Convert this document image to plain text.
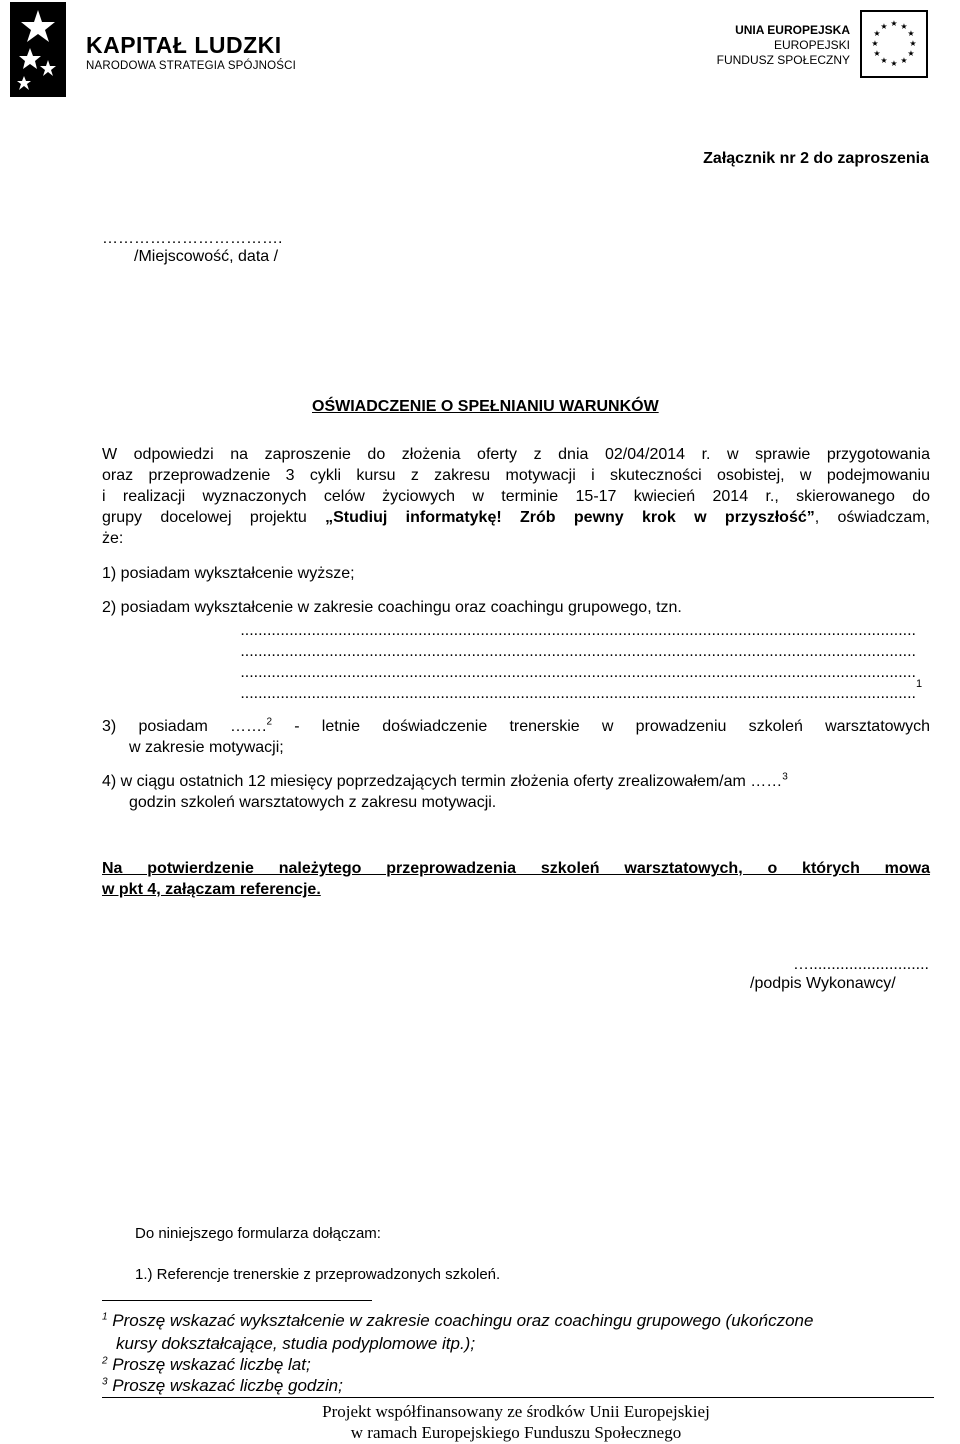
KAPITAŁ LUDZKI
NARODOWA STRATEGIA SPÓJNOŚCI
UNIA EUROPEJSKA
EUROPEJSKI
FUNDUSZ SPOŁECZNY
★ ★
★
★
★
★
★
★
★
★
★
★
Załącznik nr 2 do zaproszenia
…………………………….
/Miejscowość, data /
OŚWIADCZENIE O SPEŁNIANIU WARUNKÓW
W odpowiedzi na zaproszenie do złożenia oferty z dnia 02/04/2014 r. w sprawie przygotowania
oraz przeprowadzenie 3 cykli kursu z zakresu motywacji i skuteczności osobistej, w podejmowaniu
i realizacji wyznaczonych celów życiowych w terminie 15-17 kwiecień 2014 r., skierowanego do
grupy docelowej projektu „Studiuj informatykę! Zrób pewny krok w przyszłość”, oświadczam,
że:
1) posiadam wykształcenie wyższe;
2) posiadam wykształcenie w zakresie coachingu oraz coachingu grupowego, tzn.
........................................................................................................................................................
........................................................................................................................................................
........................................................................................................................................................
........................................................................................................................................................
1
3) posiadam …….$^2$ - letnie doświadczenie trenerskie w prowadzeniu szkoleń warsztatowych
w zakresie motywacji;
4) w ciągu ostatnich 12 miesięcy poprzedzających termin złożenia oferty zrealizowałem/am ……$^3$
godzin szkoleń warsztatowych z zakresu motywacji.
Na potwierdzenie należytego przeprowadzenia szkoleń warsztatowych, o których mowa
w pkt 4, załączam referencje.
…...........................
/podpis Wykonawcy/
Do niniejszego formularza dołączam:
1.) Referencje trenerskie z przeprowadzonych szkoleń.
$^1$ Proszę wskazać wykształcenie w zakresie coachingu oraz coachingu grupowego (ukończone
kursy dokształcające, studia podyplomowe itp.);
$^2$ Proszę wskazać liczbę lat;
$^3$ Proszę wskazać liczbę godzin;
Projekt współfinansowany ze środków Unii Europejskiej
w ramach Europejskiego Funduszu Społecznego
